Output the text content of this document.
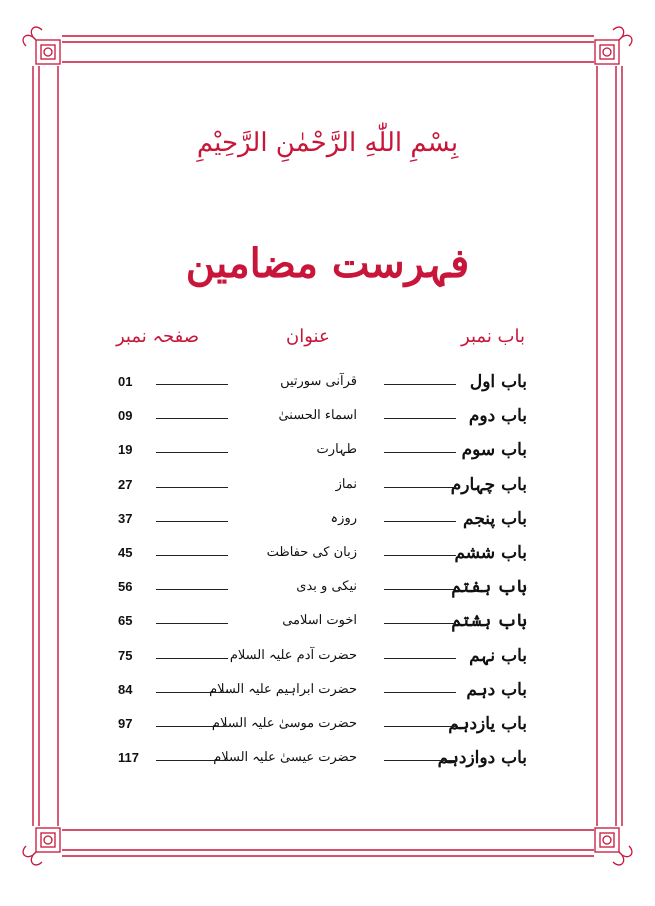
بِسْمِ اللّٰهِ الرَّحْمٰنِ الرَّحِيْمِ
فہرست مضامین
باب نمبر
عنوان
صفحہ نمبر
باب اول
قرآنی سورتیں
01
باب دوم
اسماء الحسنیٰ
09
باب سوم
طہارت
19
باب چہارم
نماز
27
باب پنجم
روزہ
37
باب ششم
زبان کی حفاظت
45
باب ہفتم
نیکی و بدی
56
باب ہشتم
اخوت اسلامی
65
باب نہم
حضرت آدم علیہ السلام
75
باب دہم
حضرت ابراہیم علیہ السلام
84
باب یازدہم
حضرت موسیٰ علیہ السلام
97
باب دوازدہم
حضرت عیسیٰ علیہ السلام
117
